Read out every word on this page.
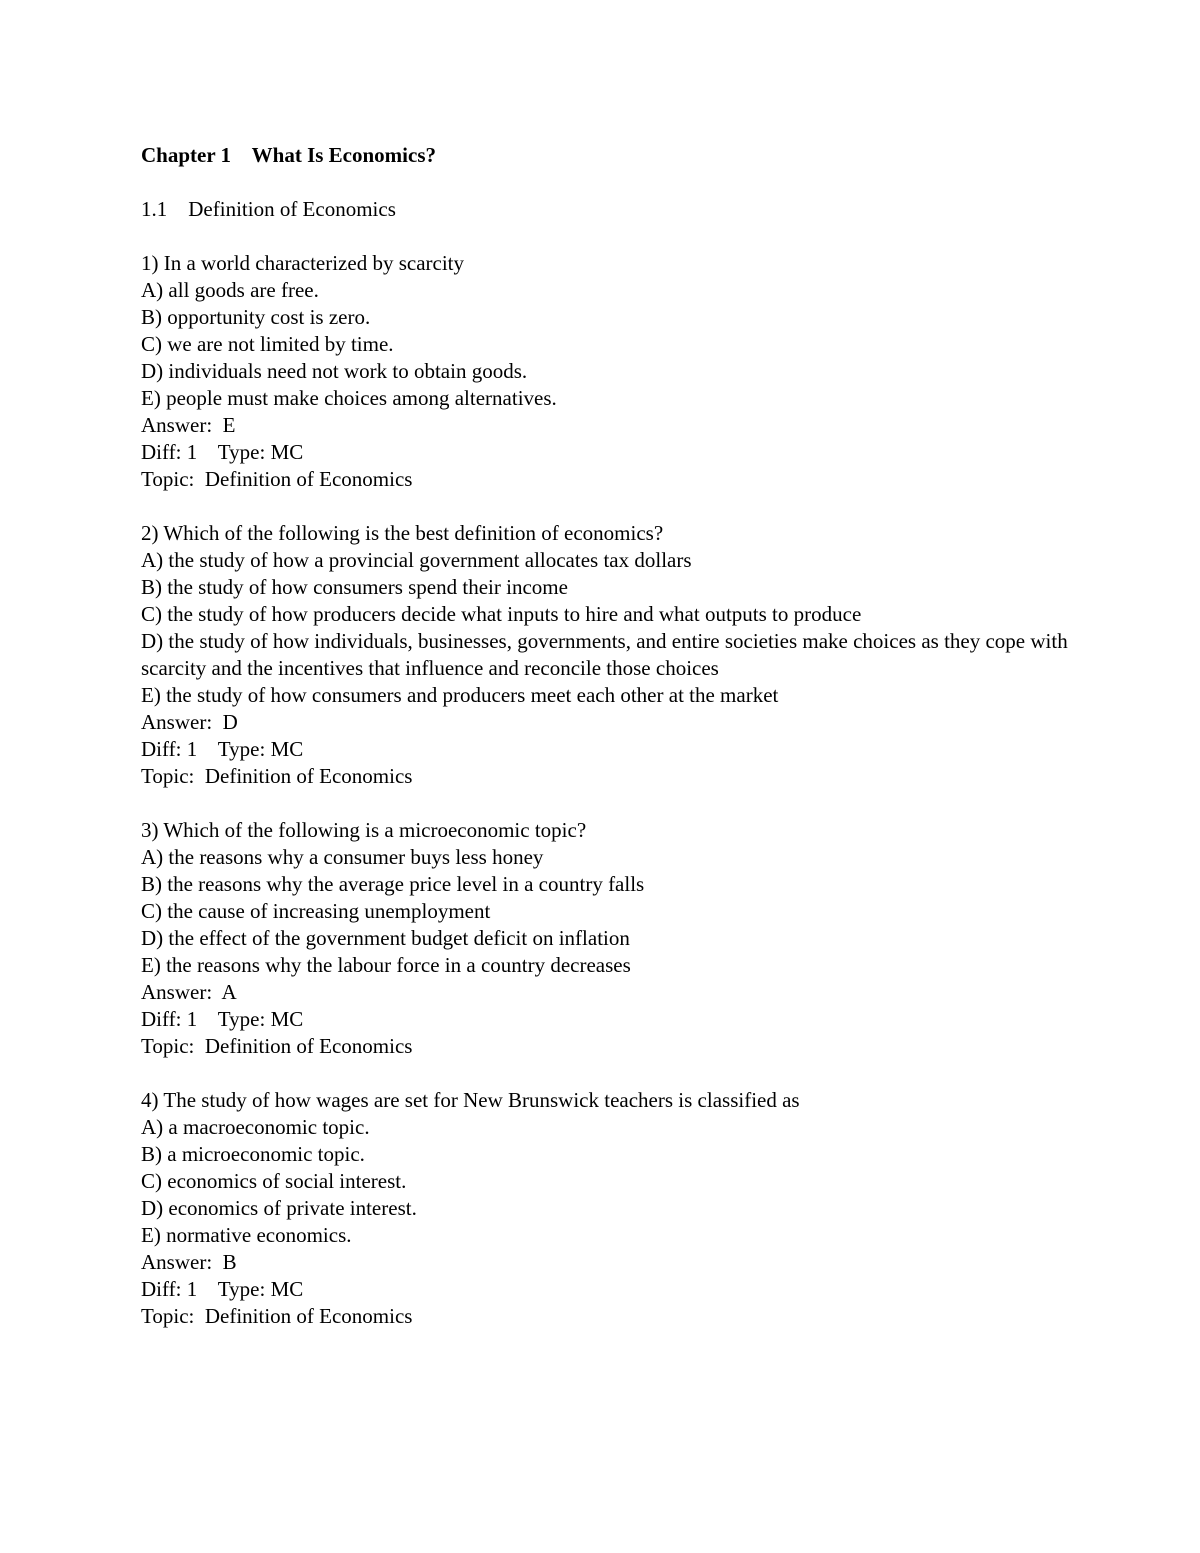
Chapter 1    What Is Economics?
1.1    Definition of Economics
1) In a world characterized by scarcity
A) all goods are free.
B) opportunity cost is zero.
C) we are not limited by time.
D) individuals need not work to obtain goods.
E) people must make choices among alternatives.
Answer:  E
Diff: 1    Type: MC
Topic:  Definition of Economics
2) Which of the following is the best definition of economics?
A) the study of how a provincial government allocates tax dollars
B) the study of how consumers spend their income
C) the study of how producers decide what inputs to hire and what outputs to produce
D) the study of how individuals, businesses, governments, and entire societies make choices as they cope with scarcity and the incentives that influence and reconcile those choices
E) the study of how consumers and producers meet each other at the market
Answer:  D
Diff: 1    Type: MC
Topic:  Definition of Economics
3) Which of the following is a microeconomic topic?
A) the reasons why a consumer buys less honey
B) the reasons why the average price level in a country falls
C) the cause of increasing unemployment
D) the effect of the government budget deficit on inflation
E) the reasons why the labour force in a country decreases
Answer:  A
Diff: 1    Type: MC
Topic:  Definition of Economics
4) The study of how wages are set for New Brunswick teachers is classified as
A) a macroeconomic topic.
B) a microeconomic topic.
C) economics of social interest.
D) economics of private interest.
E) normative economics.
Answer:  B
Diff: 1    Type: MC
Topic:  Definition of Economics
